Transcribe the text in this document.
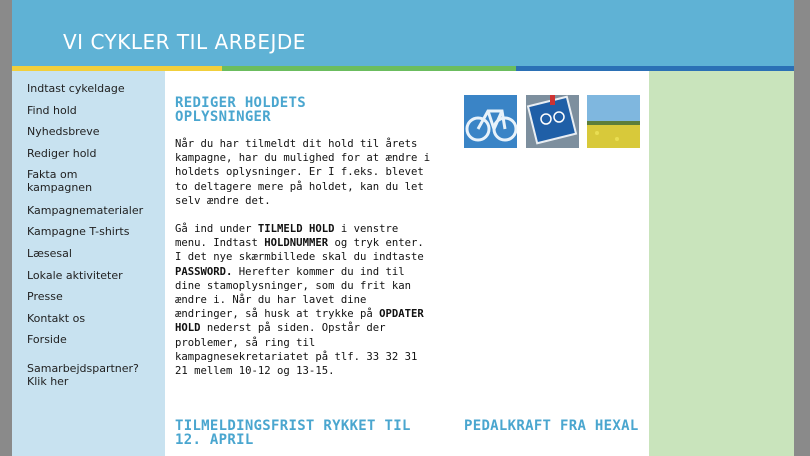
VI CYKLER TIL ARBEJDE
Indtast cykeldage
Find hold
Nyhedsbreve
Rediger hold
Fakta om kampagnen
Kampagnematerialer
Kampagne T-shirts
Læsesal
Lokale aktiviteter
Presse
Kontakt os
Forside
Samarbejdspartner? Klik her
REDIGER HOLDETS OPLYSNINGER

Når du har tilmeldt dit hold til årets kampagne, har du mulighed for at ændre i holdets oplysninger. Er I f.eks. blevet to deltagere mere på holdet, kan du let selv ændre det.

Gå ind under TILMELD HOLD i venstre menu. Indtast HOLDNUMMER og tryk enter. I det nye skærmbillede skal du indtaste PASSWORD. Herefter kommer du ind til dine stamoplysninger, som du frit kan ændre i. Når du har lavet dine ændringer, så husk at trykke på OPDATER HOLD nederst på siden. Opstår der problemer, så ring til kampagnesekretariatet på tlf. 33 32 31 21 mellem 10-12 og 13-15.

TILMELDINGSFRIST RYKKET TIL 12. APRIL
PEDALKRAFT FRA HEXAL
